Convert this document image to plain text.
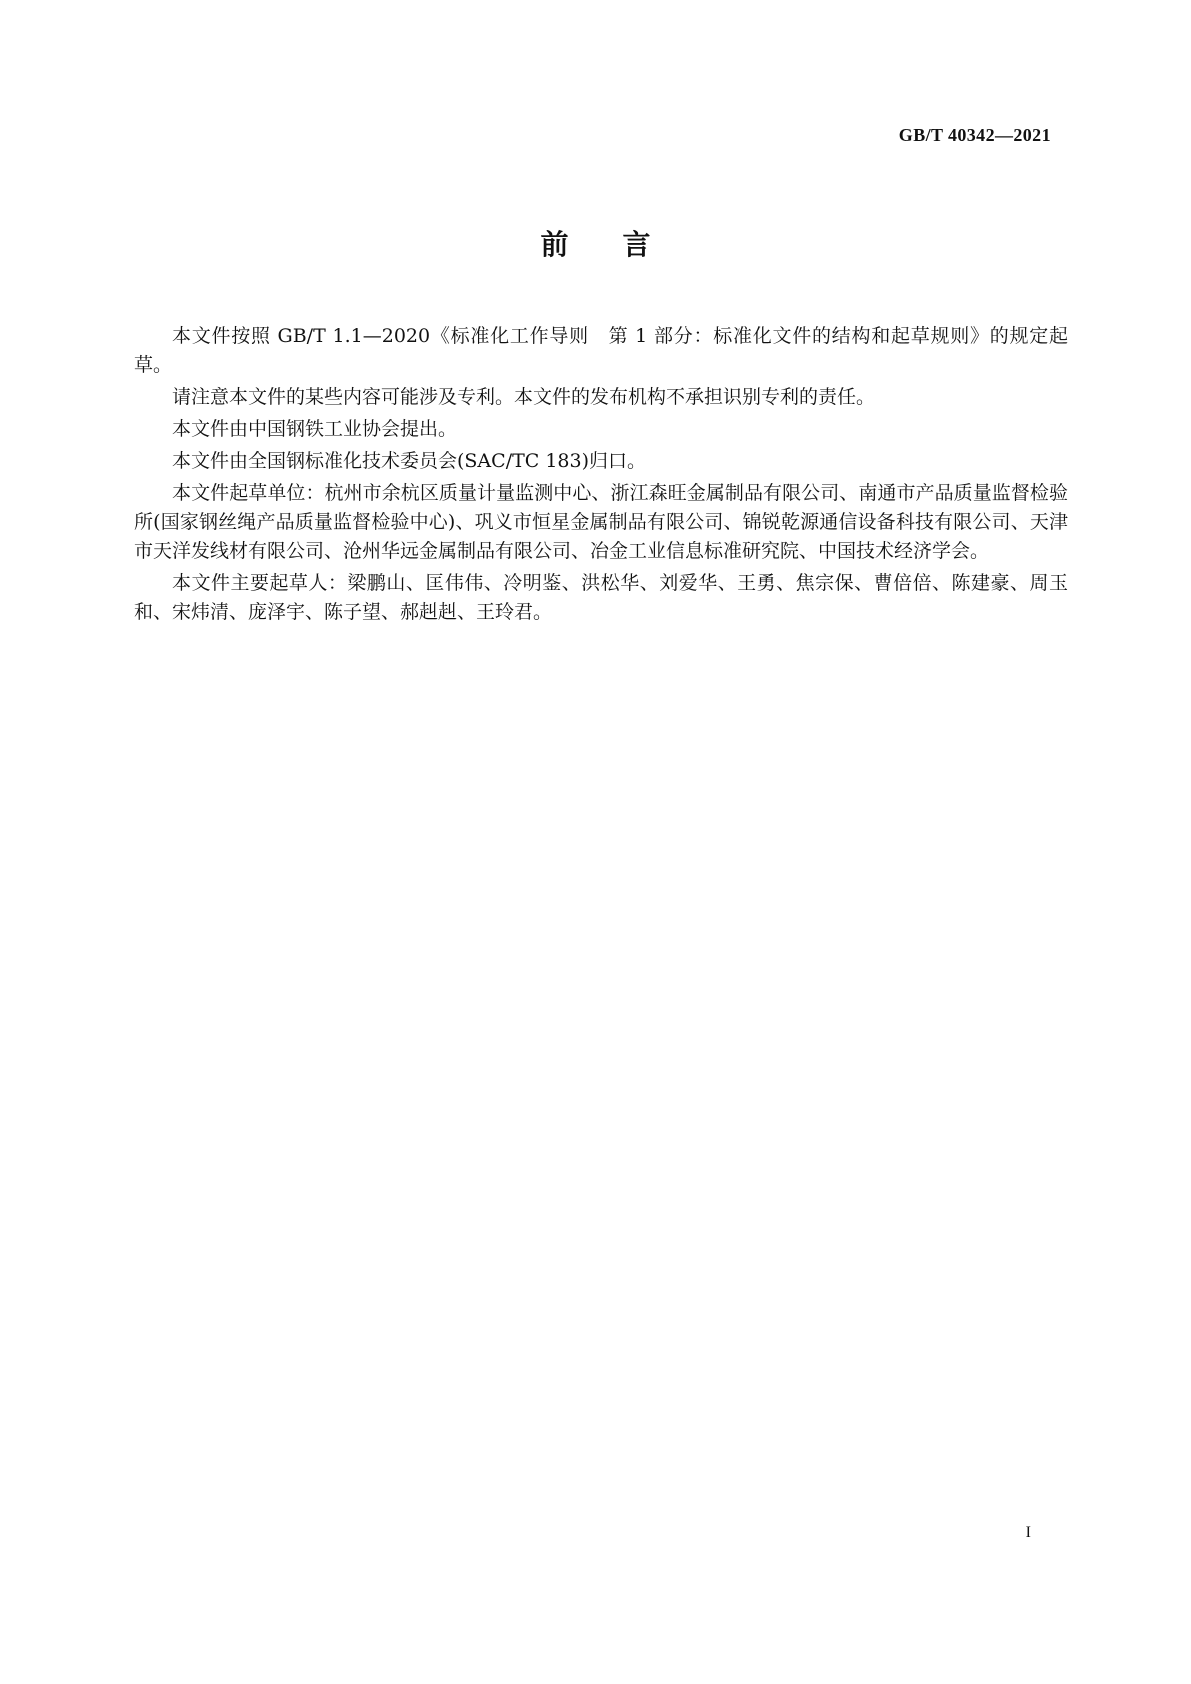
GB/T 40342—2021
前言

本文件按照 GB/T 1.1—2020《标准化工作导则　第 1 部分：标准化文件的结构和起草规则》的规定起草。

请注意本文件的某些内容可能涉及专利。本文件的发布机构不承担识别专利的责任。

本文件由中国钢铁工业协会提出。

本文件由全国钢标准化技术委员会(SAC/TC 183)归口。

本文件起草单位：杭州市余杭区质量计量监测中心、浙江森旺金属制品有限公司、南通市产品质量监督检验所(国家钢丝绳产品质量监督检验中心)、巩义市恒星金属制品有限公司、锦锐乾源通信设备科技有限公司、天津市天洋发线材有限公司、沧州华远金属制品有限公司、冶金工业信息标准研究院、中国技术经济学会。

本文件主要起草人：梁鹏山、匡伟伟、冷明鉴、洪松华、刘爱华、王勇、焦宗保、曹倍倍、陈建豪、周玉和、宋炜清、庞泽宇、陈子望、郝赳赳、王玲君。

I
